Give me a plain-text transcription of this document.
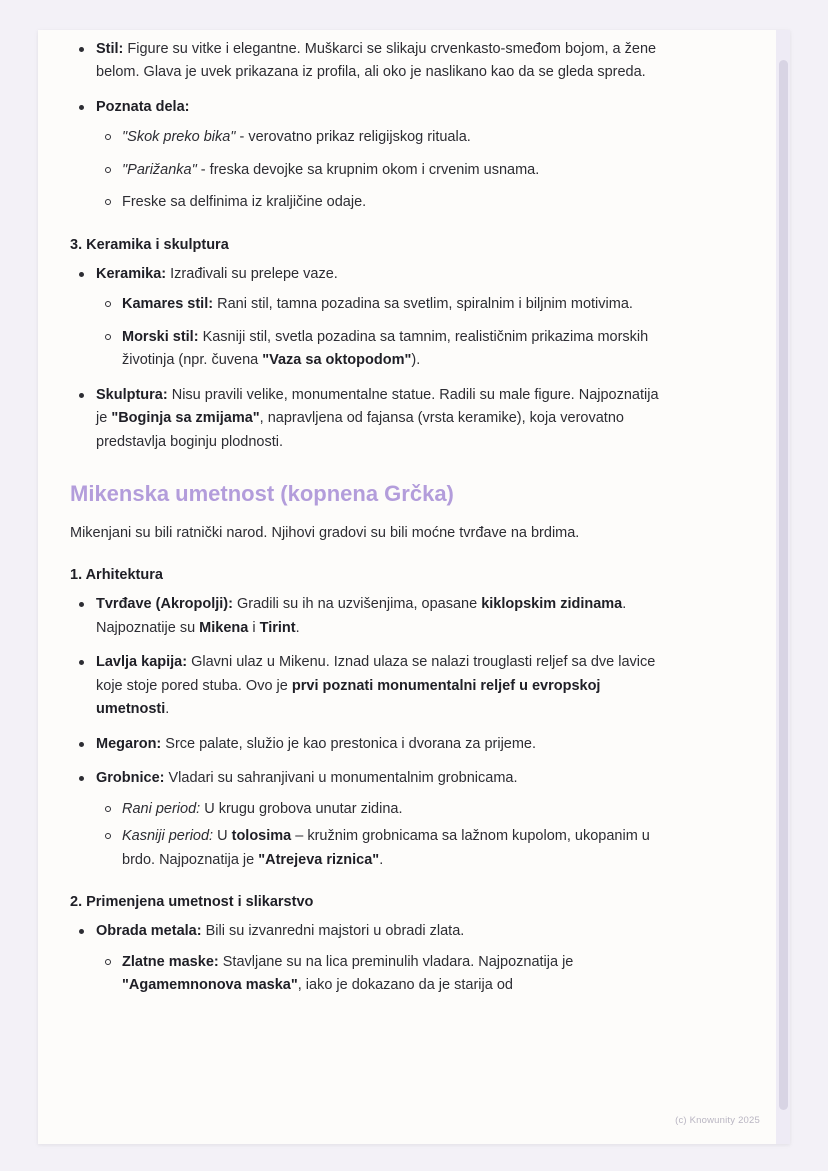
Stil: Figure su vitke i elegantne. Muškarci se slikaju crvenkasto-smeđom bojom, a žene belom. Glava je uvek prikazana iz profila, ali oko je naslikano kao da se gleda spreda.
Poznata dela:
"Skok preko bika" - verovatno prikaz religijskog rituala.
"Parižanka" - freska devojke sa krupnim okom i crvenim usnama.
Freske sa delfinima iz kraljičine odaje.
3. Keramika i skulptura
Keramika: Izrađivali su prelepe vaze.
Kamares stil: Rani stil, tamna pozadina sa svetlim, spiralnim i biljnim motivima.
Morski stil: Kasniji stil, svetla pozadina sa tamnim, realističnim prikazima morskih životinja (npr. čuvena "Vaza sa oktopodom").
Skulptura: Nisu pravili velike, monumentalne statue. Radili su male figure. Najpoznatija je "Boginja sa zmijama", napravljena od fajansa (vrsta keramike), koja verovatno predstavlja boginju plodnosti.
Mikenska umetnost (kopnena Grčka)

Mikenjani su bili ratnički narod. Njihovi gradovi su bili moćne tvrđave na brdima.

1. Arhitektura
Tvrđave (Akropolji): Gradili su ih na uzvišenjima, opasane kiklopskim zidinama. Najpoznatije su Mikena i Tirint.
Lavlja kapija: Glavni ulaz u Mikenu. Iznad ulaza se nalazi trouglasti reljef sa dve lavice koje stoje pored stuba. Ovo je prvi poznati monumentalni reljef u evropskoj umetnosti.
Megaron: Srce palate, služio je kao prestonica i dvorana za prijeme.
Grobnice: Vladari su sahranjivani u monumentalnim grobnicama.
Rani period: U krugu grobova unutar zidina.
Kasniji period: U tolosima – kružnim grobnicama sa lažnom kupolom, ukopanim u brdo. Najpoznatija je "Atrejeva riznica".
2. Primenjena umetnost i slikarstvo
Obrada metala: Bili su izvanredni majstori u obradi zlata.
Zlatne maske: Stavljane su na lica preminulih vladara. Najpoznatija je "Agamemnonova maska", iako je dokazano da je starija od
(c) Knowunity 2025
